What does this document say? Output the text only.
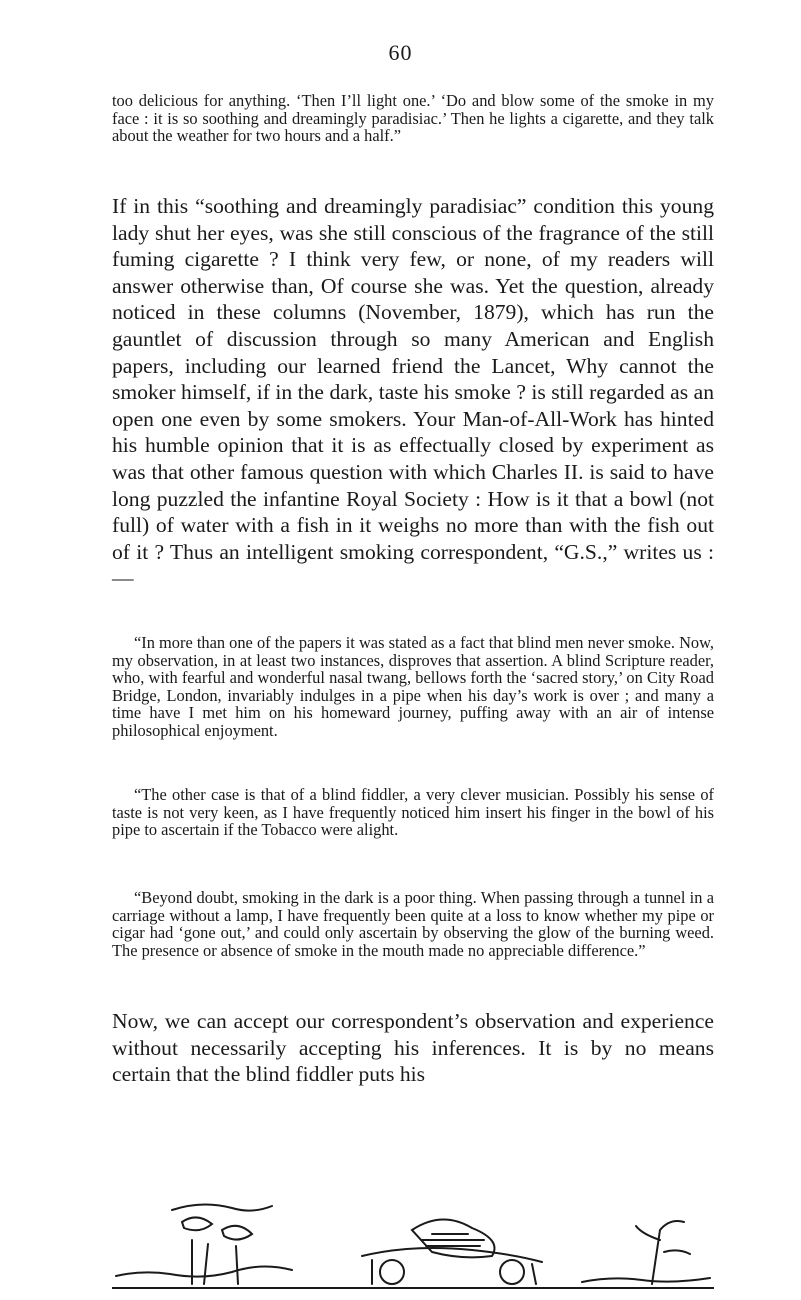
60

too delicious for anything. ‘Then I’ll light one.’ ‘Do and blow some of the smoke in my face : it is so soothing and dreamingly paradisiac.’ Then he lights a cigarette, and they talk about the weather for two hours and a half.”

If in this “soothing and dreamingly paradisiac” condition this young lady shut her eyes, was she still conscious of the fragrance of the still fuming cigarette ? I think very few, or none, of my readers will answer otherwise than, Of course she was. Yet the question, already noticed in these columns (November, 1879), which has run the gauntlet of discussion through so many American and English papers, including our learned friend the Lancet, Why cannot the smoker himself, if in the dark, taste his smoke ? is still regarded as an open one even by some smokers. Your Man-of-All-Work has hinted his humble opinion that it is as effectually closed by experiment as was that other famous question with which Charles II. is said to have long puzzled the infantine Royal Society : How is it that a bowl (not full) of water with a fish in it weighs no more than with the fish out of it ? Thus an intelligent smoking correspondent, “G.S.,” writes us :—

“In more than one of the papers it was stated as a fact that blind men never smoke. Now, my observation, in at least two instances, disproves that assertion. A blind Scripture reader, who, with fearful and wonderful nasal twang, bellows forth the ‘sacred story,’ on City Road Bridge, London, invariably indulges in a pipe when his day’s work is over ; and many a time have I met him on his homeward journey, puffing away with an air of intense philosophical enjoyment.

“The other case is that of a blind fiddler, a very clever musician. Possibly his sense of taste is not very keen, as I have frequently noticed him insert his finger in the bowl of his pipe to ascertain if the Tobacco were alight.

“Beyond doubt, smoking in the dark is a poor thing. When passing through a tunnel in a carriage without a lamp, I have frequently been quite at a loss to know whether my pipe or cigar had ‘gone out,’ and could only ascertain by observing the glow of the burning weed. The presence or absence of smoke in the mouth made no appreciable difference.”

Now, we can accept our correspondent’s observation and experience without necessarily accepting his inferences. It is by no means certain that the blind fiddler puts his
